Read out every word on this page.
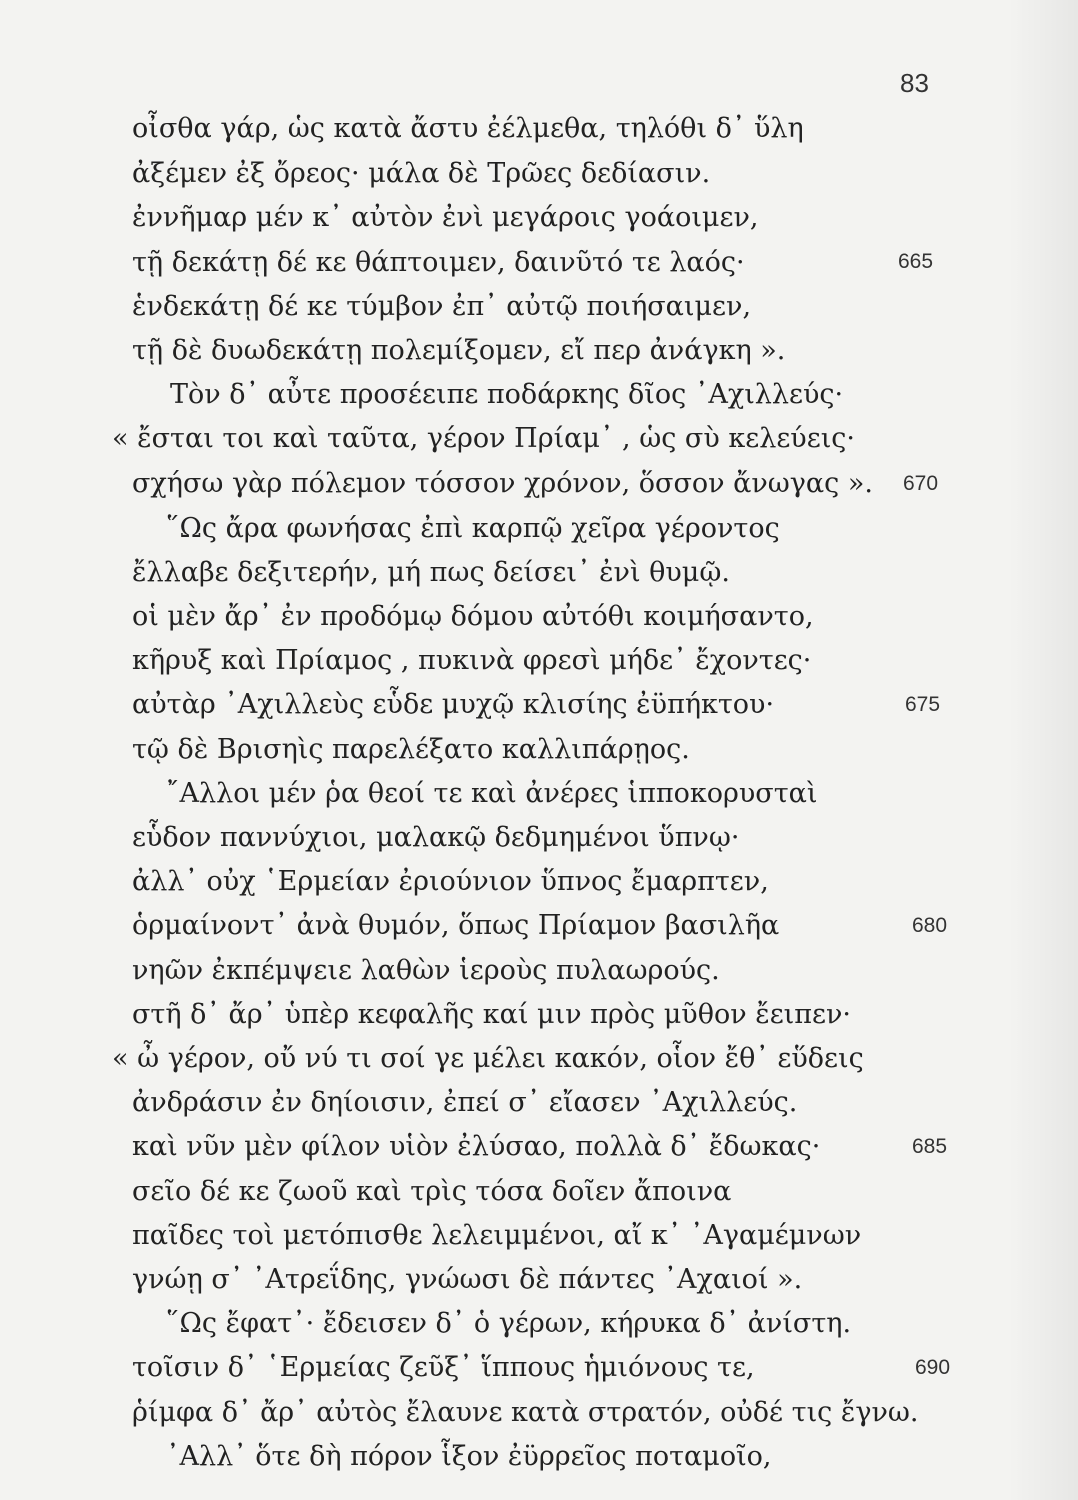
83
οἶσθα γάρ, ὡς κατὰ ἄστυ ἐέλμεθα, τηλόθι δ᾽ ὕλη
ἀξέμεν ἐξ ὄρεος· μάλα δὲ Τρῶες δεδίασιν.
ἐννῆμαρ μέν κ᾽ αὐτὸν ἐνὶ μεγάροις γοάοιμεν,
τῇ δεκάτῃ δέ κε θάπτοιμεν, δαινῦτό τε λαός·
ἑνδεκάτῃ δέ κε τύμβον ἐπ᾽ αὐτῷ ποιήσαιμεν,
τῇ δὲ δυωδεκάτῃ πολεμίξομεν, εἴ περ ἀνάγκη ».
Τὸν δ᾽ αὖτε προσέειπε ποδάρκης δῖος ᾽Αχιλλεύς·
« ἔσται τοι καὶ ταῦτα, γέρον Πρίαμ᾽ , ὡς σὺ κελεύεις·
σχήσω γὰρ πόλεμον τόσσον χρόνον, ὅσσον ἄνωγας ».
῞Ως ἄρα φωνήσας ἐπὶ καρπῷ χεῖρα γέροντος
ἔλλαβε δεξιτερήν, μή πως δείσει᾽ ἐνὶ θυμῷ.
οἱ μὲν ἄρ᾽ ἐν προδόμῳ δόμου αὐτόθι κοιμήσαντο,
κῆρυξ καὶ Πρίαμος , πυκινὰ φρεσὶ μήδε᾽ ἔχοντες·
αὐτὰρ ᾽Αχιλλεὺς εὗδε μυχῷ κλισίης ἐϋπήκτου·
τῷ δὲ Βρισηὶς παρελέξατο καλλιπάρῃος.
῎Αλλοι μέν ῥα θεοί τε καὶ ἀνέρες ἱπποκορυσταὶ
εὗδον παννύχιοι, μαλακῷ δεδμημένοι ὕπνῳ·
ἀλλ᾽ οὐχ ῾Ερμείαν ἐριούνιον ὕπνος ἔμαρπτεν,
ὁρμαίνοντ᾽ ἀνὰ θυμόν, ὅπως Πρίαμον βασιλῆα
νηῶν ἐκπέμψειε λαθὼν ἱεροὺς πυλαωρούς.
στῆ δ᾽ ἄρ᾽ ὑπὲρ κεφαλῆς καί μιν πρὸς μῦθον ἔειπεν·
« ὦ γέρον, οὔ νύ τι σοί γε μέλει κακόν, οἷον ἔθ᾽ εὕδεις
ἀνδράσιν ἐν δηίοισιν, ἐπεί σ᾽ εἴασεν ᾽Αχιλλεύς.
καὶ νῦν μὲν φίλον υἱὸν ἐλύσαο, πολλὰ δ᾽ ἔδωκας·
σεῖο δέ κε ζωοῦ καὶ τρὶς τόσα δοῖεν ἄποινα
παῖδες τοὶ μετόπισθε λελειμμένοι, αἴ κ᾽ ᾽Αγαμέμνων
γνώῃ σ᾽ ᾽Ατρεΐδης, γνώωσι δὲ πάντες ᾽Αχαιοί ».
῞Ως ἔφατ᾽· ἔδεισεν δ᾽ ὁ γέρων, κήρυκα δ᾽ ἀνίστη.
τοῖσιν δ᾽ ῾Ερμείας ζεῦξ᾽ ἵππους ἡμιόνους τε,
ῥίμφα δ᾽ ἄρ᾽ αὐτὸς ἔλαυνε κατὰ στρατόν, οὐδέ τις ἔγνω.
᾽Αλλ᾽ ὅτε δὴ πόρον ἷξον ἐϋρρεῖος ποταμοῖο,
665
670
675
680
685
690
